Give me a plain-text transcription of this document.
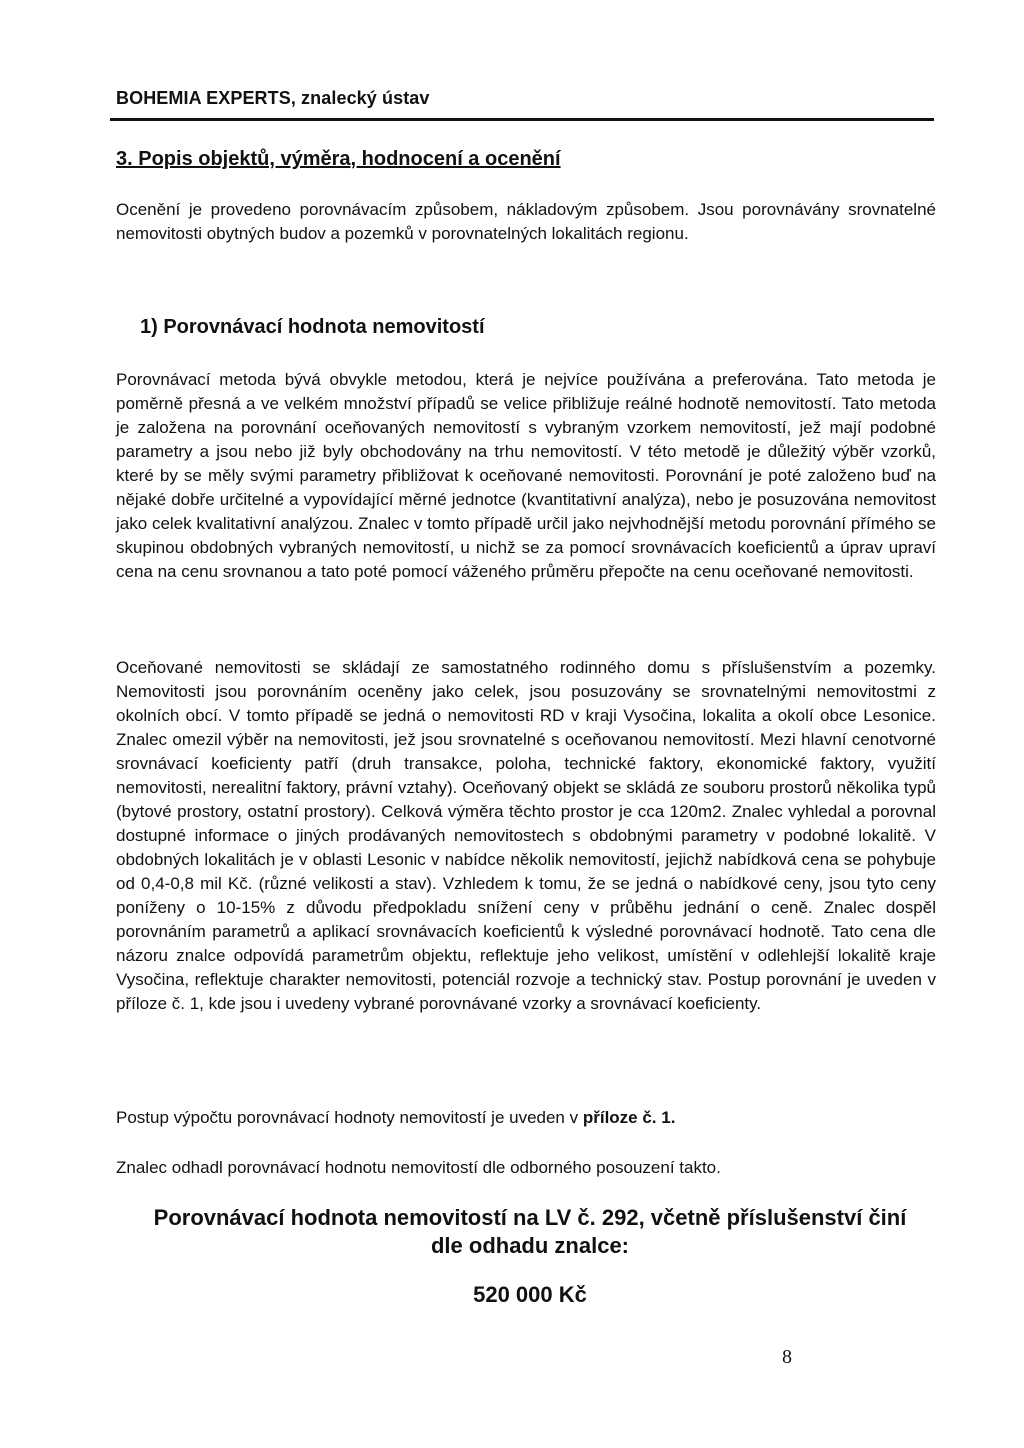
BOHEMIA EXPERTS, znalecký ústav
3. Popis objektů, výměra, hodnocení a ocenění

Ocenění je provedeno porovnávacím způsobem, nákladovým způsobem. Jsou porovnávány srovnatelné nemovitosti obytných budov a pozemků v porovnatelných lokalitách regionu.

1) Porovnávací hodnota nemovitostí

Porovnávací metoda bývá obvykle metodou, která je nejvíce používána a preferována. Tato metoda je poměrně přesná a ve velkém množství případů se velice přibližuje reálné hodnotě nemovitostí. Tato metoda je založena na porovnání oceňovaných nemovitostí s vybraným vzorkem nemovitostí, jež mají podobné parametry a jsou nebo již byly obchodovány na trhu nemovitostí. V této metodě je důležitý výběr vzorků, které by se měly svými parametry přibližovat k oceňované nemovitosti. Porovnání je poté založeno buď na nějaké dobře určitelné a vypovídající měrné jednotce (kvantitativní analýza), nebo je posuzována nemovitost jako celek kvalitativní analýzou. Znalec v tomto případě určil jako nejvhodnější metodu porovnání přímého se skupinou obdobných vybraných nemovitostí, u nichž se za pomocí srovnávacích koeficientů a úprav upraví cena na cenu srovnanou a tato poté pomocí váženého průměru přepočte na cenu oceňované nemovitosti.

Oceňované nemovitosti se skládají ze samostatného rodinného domu s příslušenstvím a pozemky. Nemovitosti jsou porovnáním oceněny jako celek, jsou posuzovány se srovnatelnými nemovitostmi z okolních obcí. V tomto případě se jedná o nemovitosti RD v kraji Vysočina, lokalita a okolí obce Lesonice. Znalec omezil výběr na nemovitosti, jež jsou srovnatelné s oceňovanou nemovitostí. Mezi hlavní cenotvorné srovnávací koeficienty patří (druh transakce, poloha, technické faktory, ekonomické faktory, využití nemovitosti, nerealitní faktory, právní vztahy). Oceňovaný objekt se skládá ze souboru prostorů několika typů (bytové prostory, ostatní prostory). Celková výměra těchto prostor je cca 120m2. Znalec vyhledal a porovnal dostupné informace o jiných prodávaných nemovitostech s obdobnými parametry v podobné lokalitě. V obdobných lokalitách je v oblasti Lesonic v nabídce několik nemovitostí, jejichž nabídková cena se pohybuje od 0,4-0,8 mil Kč. (různé velikosti a stav). Vzhledem k tomu, že se jedná o nabídkové ceny, jsou tyto ceny poníženy o 10-15% z důvodu předpokladu snížení ceny v průběhu jednání o ceně. Znalec dospěl porovnáním parametrů a aplikací srovnávacích koeficientů k výsledné porovnávací hodnotě. Tato cena dle názoru znalce odpovídá parametrům objektu, reflektuje jeho velikost, umístění v odlehlejší lokalitě kraje Vysočina, reflektuje charakter nemovitosti, potenciál rozvoje a technický stav. Postup porovnání je uveden v příloze č. 1, kde jsou i uvedeny vybrané porovnávané vzorky a srovnávací koeficienty.

Postup výpočtu porovnávací hodnoty nemovitostí je uveden v příloze č. 1.

Znalec odhadl porovnávací hodnotu nemovitostí dle odborného posouzení takto.

Porovnávací hodnota nemovitostí na LV č. 292, včetně příslušenství činí
dle odhadu znalce:

520 000 Kč
8
